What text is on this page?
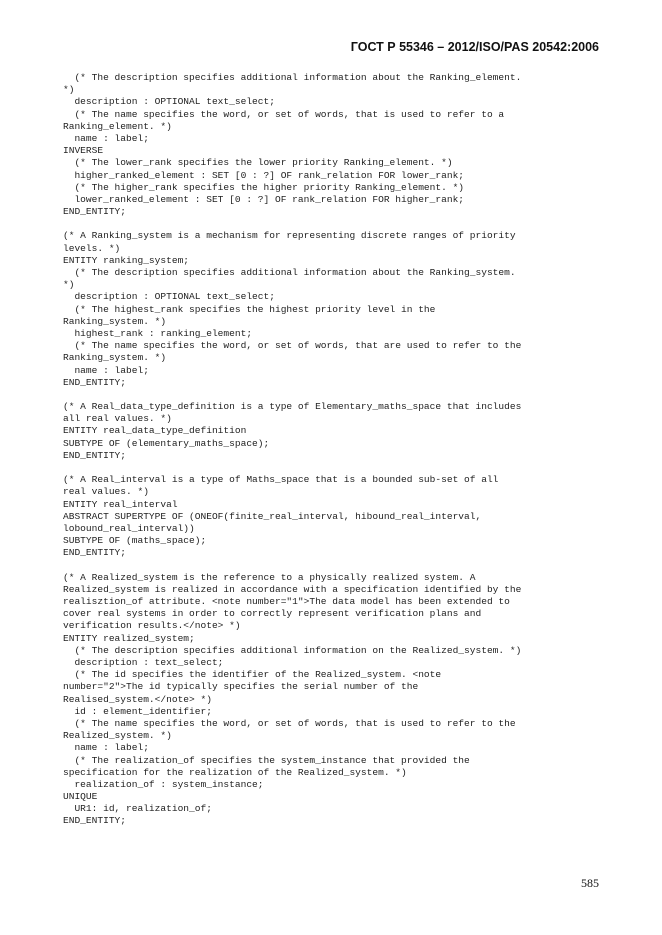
ГОСТ Р 55346 – 2012/ISO/PAS 20542:2006
(* The description specifies additional information about the Ranking_element.
*)
description : OPTIONAL text_select;
(* The name specifies the word, or set of words, that is used to refer to a
Ranking_element. *)
name : label;
INVERSE
(* The lower_rank specifies the lower priority Ranking_element. *)
higher_ranked_element : SET [0 : ?] OF rank_relation FOR lower_rank;
(* The higher_rank specifies the higher priority Ranking_element. *)
lower_ranked_element : SET [0 : ?] OF rank_relation FOR higher_rank;
END_ENTITY;
(* A Ranking_system is a mechanism for representing discrete ranges of priority
levels. *)
ENTITY ranking_system;
(* The description specifies additional information about the Ranking_system.
*)
description : OPTIONAL text_select;
(* The highest_rank specifies the highest priority level in the
Ranking_system. *)
highest_rank : ranking_element;
(* The name specifies the word, or set of words, that are used to refer to the
Ranking_system. *)
name : label;
END_ENTITY;
(* A Real_data_type_definition is a type of Elementary_maths_space that includes
all real values. *)
ENTITY real_data_type_definition
SUBTYPE OF (elementary_maths_space);
END_ENTITY;
(* A Real_interval is a type of Maths_space that is a bounded sub-set of all
real values. *)
ENTITY real_interval
ABSTRACT SUPERTYPE OF (ONEOF(finite_real_interval, hibound_real_interval,
lobound_real_interval))
SUBTYPE OF (maths_space);
END_ENTITY;
(* A Realized_system is the reference to a physically realized system. A
Realized_system is realized in accordance with a specification identified by the
realisztion_of attribute. <note number="1">The data model has been extended to
cover real systems in order to correctly represent verification plans and
verification results.</note> *)
ENTITY realized_system;
(* The description specifies additional information on the Realized_system. *)
description : text_select;
(* The id specifies the identifier of the Realized_system. <note
number="2">The id typically specifies the serial number of the
Realised_system.</note> *)
id : element_identifier;
(* The name specifies the word, or set of words, that is used to refer to the
Realized_system. *)
name : label;
(* The realization_of specifies the system_instance that provided the
specification for the realization of the Realized_system. *)
realization_of : system_instance;
UNIQUE
UR1: id, realization_of;
END_ENTITY;
585
